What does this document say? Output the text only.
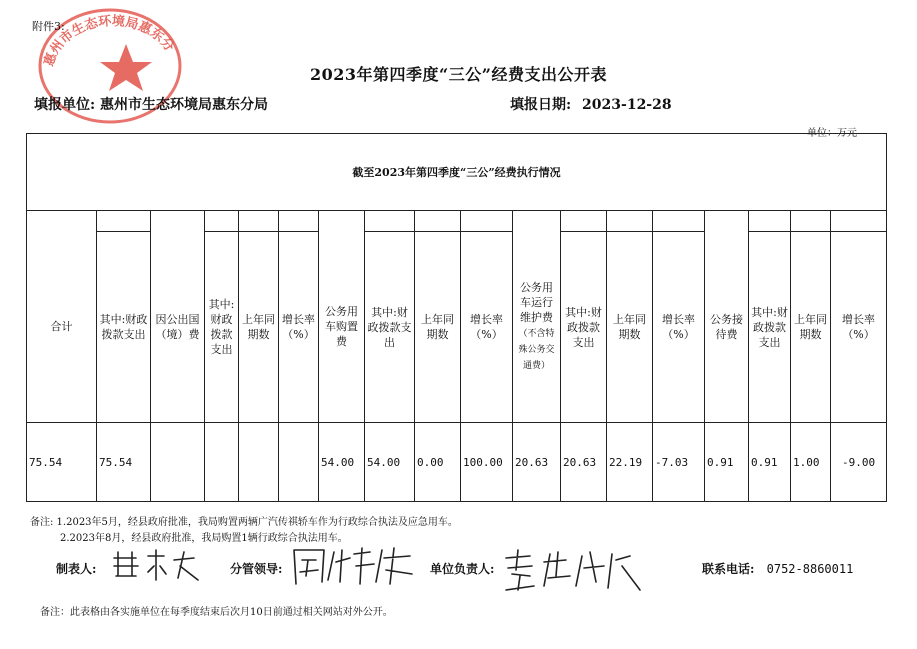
惠州市生态环境局惠东分
附件3:
2023年第四季度“三公”经费支出公开表
填报单位: 惠州市生态环境局惠东分局	填报日期: 2023-12-28
单位：万元
截至2023年第四季度“三公”经费执行情况																	

合计	其中:财政拨款支出	因公出国（境）费	其中:财政拨款支出	上年同期数	增长率（%）	公务用车购置费	其中:财政拨款支出	上年同期数	增长率（%）	公务用车运行维护费
（不含特殊公务交通费）	其中:财政拨款支出	上年同期数	增长率（%）	公务接待费	其中:财政拨款支出	上年同期数	增长率（%）
75.54	75.54					54.00	54.00	0.00	100.00	20.63	20.63	22.19	-7.03	0.91	0.91	1.00	-9.00
备注: 1.2023年5月，经县政府批准，我局购置两辆广汽传祺轿车作为行政综合执法及应急用车。
2.2023年8月，经县政府批准，我局购置1辆行政综合执法用车。
制表人:	分管领导:	单位负责人:	联系电话: 0752-8860011
备注：此表格由各实施单位在每季度结束后次月10日前通过相关网站对外公开。
